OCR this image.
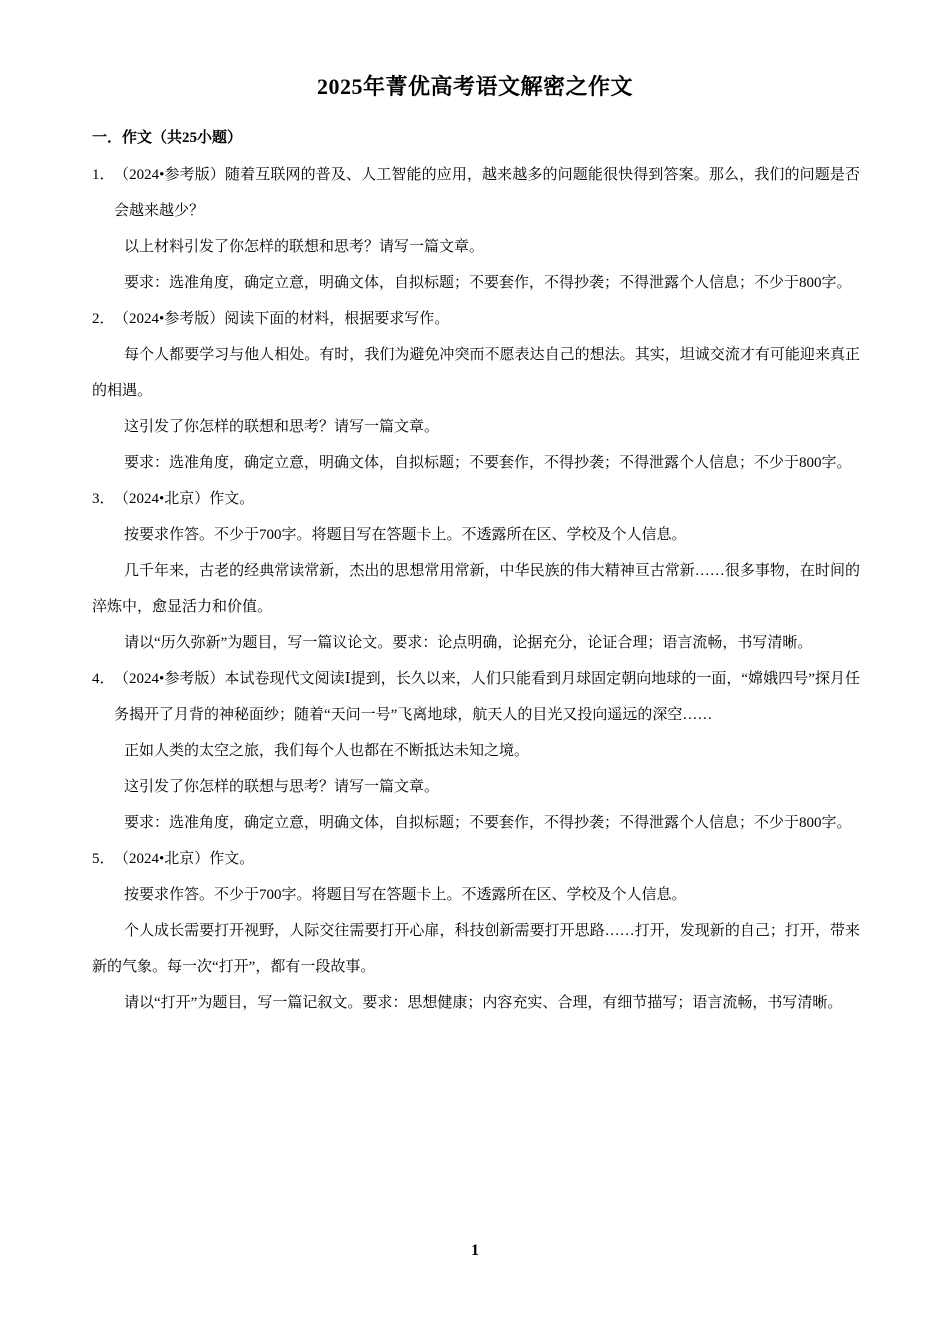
2025年菁优高考语文解密之作文
一．作文（共25小题）
1． （2024•参考版）随着互联网的普及、人工智能的应用，越来越多的问题能很快得到答案。那么，我们的问题是否会越来越少？

以上材料引发了你怎样的联想和思考？请写一篇文章。

要求：选准角度，确定立意，明确文体，自拟标题；不要套作，不得抄袭；不得泄露个人信息；不少于800字。

2． （2024•参考版）阅读下面的材料，根据要求写作。

每个人都要学习与他人相处。有时，我们为避免冲突而不愿表达自己的想法。其实，坦诚交流才有可能迎来真正的相遇。

这引发了你怎样的联想和思考？请写一篇文章。

要求：选准角度，确定立意，明确文体，自拟标题；不要套作，不得抄袭；不得泄露个人信息；不少于800字。

3． （2024•北京）作文。

按要求作答。不少于700字。将题目写在答题卡上。不透露所在区、学校及个人信息。

几千年来，古老的经典常读常新，杰出的思想常用常新，中华民族的伟大精神亘古常新……很多事物，在时间的淬炼中，愈显活力和价值。

请以“历久弥新”为题目，写一篇议论文。要求：论点明确，论据充分，论证合理；语言流畅，书写清晰。

4． （2024•参考版）本试卷现代文阅读Ⅰ提到，长久以来，人们只能看到月球固定朝向地球的一面，“嫦娥四号”探月任务揭开了月背的神秘面纱；随着“天问一号”飞离地球，航天人的目光又投向遥远的深空……

正如人类的太空之旅，我们每个人也都在不断抵达未知之境。

这引发了你怎样的联想与思考？请写一篇文章。

要求：选准角度，确定立意，明确文体，自拟标题；不要套作，不得抄袭；不得泄露个人信息；不少于800字。

5． （2024•北京）作文。

按要求作答。不少于700字。将题目写在答题卡上。不透露所在区、学校及个人信息。

个人成长需要打开视野，人际交往需要打开心扉，科技创新需要打开思路……打开，发现新的自己；打开，带来新的气象。每一次“打开”，都有一段故事。

请以“打开”为题目，写一篇记叙文。要求：思想健康；内容充实、合理，有细节描写；语言流畅，书写清晰。

1
